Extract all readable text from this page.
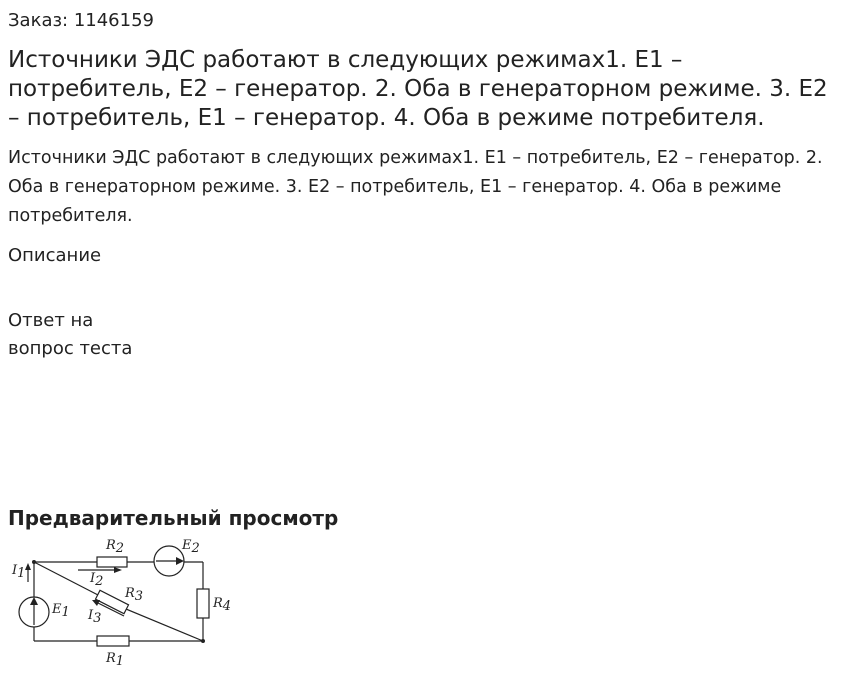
Заказ: 1146159
Источники ЭДС работают в следующих режимах1. E1 – потребитель, E2 – генератор. 2. Оба в генераторном режиме. 3. E2 – потребитель, E1 – генератор. 4. Оба в режиме потребителя.

Источники ЭДС работают в следующих режимах1. E1 – потребитель, E2 – генератор. 2. Оба в генераторном режиме. 3. E2 – потребитель, E1 – генератор. 4. Оба в режиме потребителя.

Описание
Ответ на вопрос теста
Предварительный просмотр
R2	E2
I1	I2
R3
E1 I3
R4
R1
